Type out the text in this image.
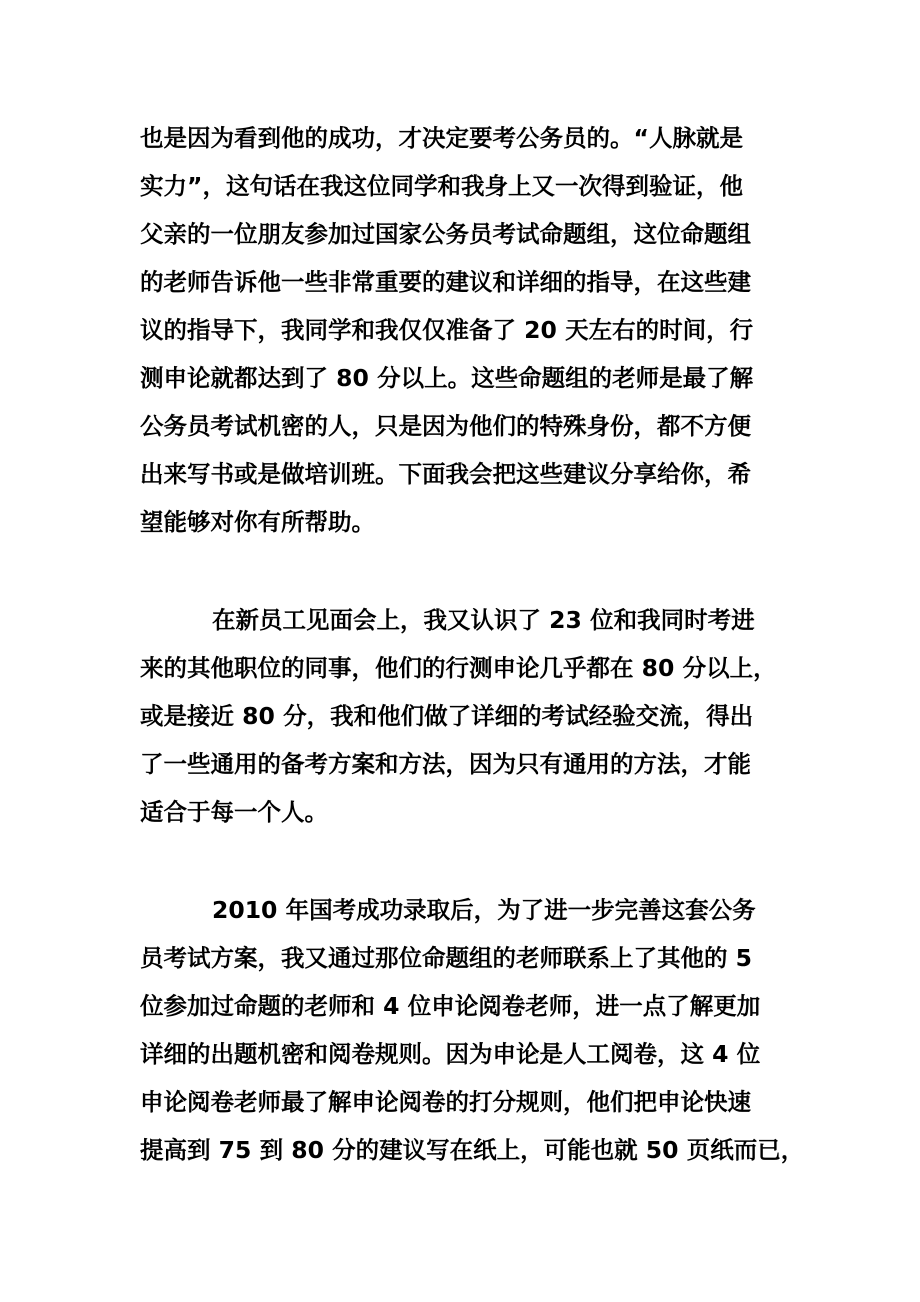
也是因为看到他的成功，才决定要考公务员的。“人脉就是
实力”，这句话在我这位同学和我身上又一次得到验证，他
父亲的一位朋友参加过国家公务员考试命题组，这位命题组
的老师告诉他一些非常重要的建议和详细的指导，在这些建
议的指导下，我同学和我仅仅准备了 20 天左右的时间，行
测申论就都达到了 80 分以上。这些命题组的老师是最了解
公务员考试机密的人，只是因为他们的特殊身份，都不方便
出来写书或是做培训班。下面我会把这些建议分享给你，希
望能够对你有所帮助。
在新员工见面会上，我又认识了 23 位和我同时考进
来的其他职位的同事，他们的行测申论几乎都在 80 分以上，
或是接近 80 分，我和他们做了详细的考试经验交流，得出
了一些通用的备考方案和方法，因为只有通用的方法，才能
适合于每一个人。
2010 年国考成功录取后，为了进一步完善这套公务
员考试方案，我又通过那位命题组的老师联系上了其他的 5
位参加过命题的老师和 4 位申论阅卷老师，进一点了解更加
详细的出题机密和阅卷规则。因为申论是人工阅卷，这 4 位
申论阅卷老师最了解申论阅卷的打分规则，他们把申论快速
提高到 75 到 80 分的建议写在纸上，可能也就 50 页纸而已，
